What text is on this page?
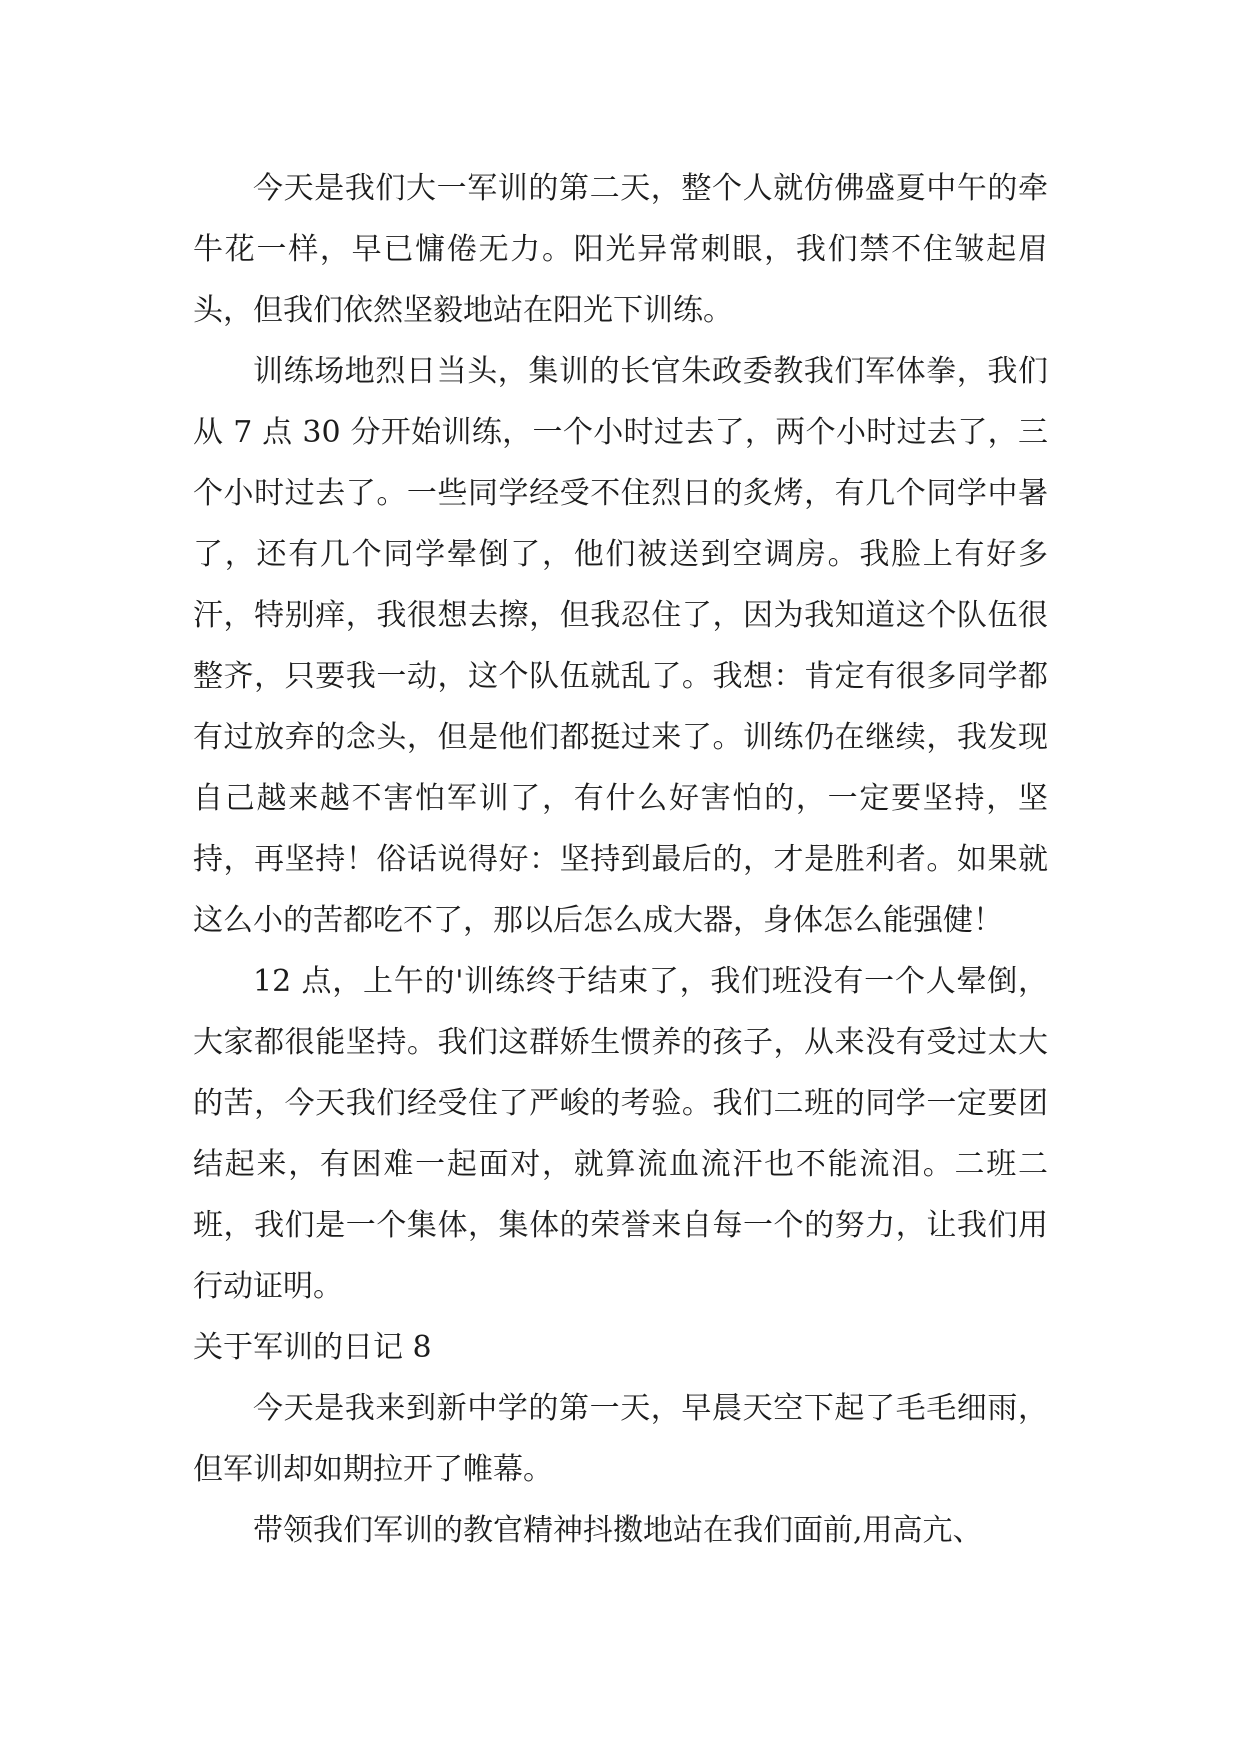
今天是我们大一军训的第二天，整个人就仿佛盛夏中午的牵牛花一样，早已慵倦无力。阳光异常刺眼，我们禁不住皱起眉头，但我们依然坚毅地站在阳光下训练。

训练场地烈日当头，集训的长官朱政委教我们军体拳，我们从 7 点 30 分开始训练，一个小时过去了，两个小时过去了，三个小时过去了。一些同学经受不住烈日的炙烤，有几个同学中暑了，还有几个同学晕倒了，他们被送到空调房。我脸上有好多汗，特别痒，我很想去擦，但我忍住了，因为我知道这个队伍很整齐，只要我一动，这个队伍就乱了。我想：肯定有很多同学都有过放弃的念头，但是他们都挺过来了。训练仍在继续，我发现自己越来越不害怕军训了，有什么好害怕的，一定要坚持，坚持，再坚持！俗话说得好：坚持到最后的，才是胜利者。如果就这么小的苦都吃不了，那以后怎么成大器，身体怎么能强健！

12 点，上午的'训练终于结束了，我们班没有一个人晕倒，大家都很能坚持。我们这群娇生惯养的孩子，从来没有受过太大的苦，今天我们经受住了严峻的考验。我们二班的同学一定要团结起来，有困难一起面对，就算流血流汗也不能流泪。二班二班，我们是一个集体，集体的荣誉来自每一个的努力，让我们用行动证明。

关于军训的日记 8

今天是我来到新中学的第一天，早晨天空下起了毛毛细雨，但军训却如期拉开了帷幕。

带领我们军训的教官精神抖擞地站在我们面前,用高亢、
